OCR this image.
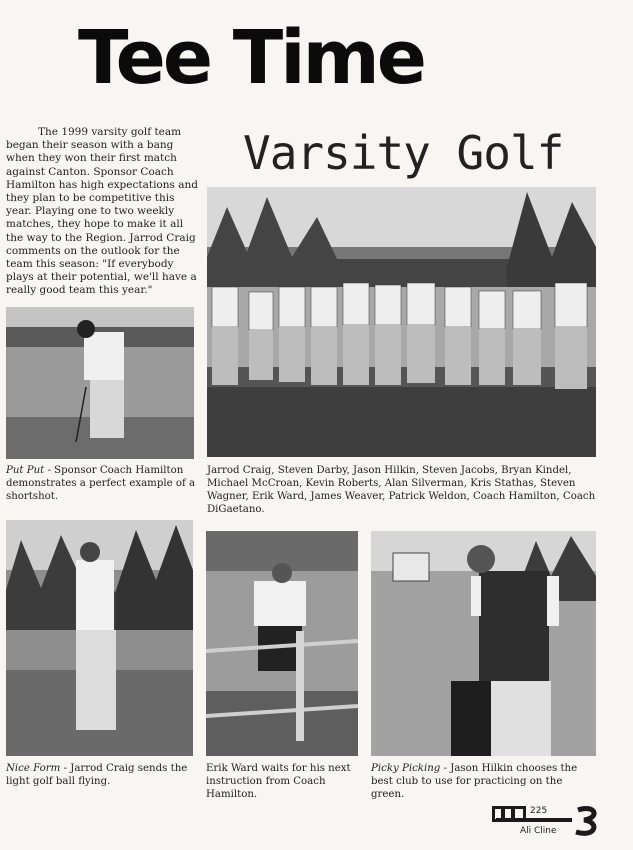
Tee Time
Varsity Golf

The 1999 varsity golf team began their season with a bang when they won their first match against Canton. Sponsor Coach Hamilton has high expectations and they plan to be competitive this year. Playing one to two weekly matches, they hope to make it all the way to the Region. Jarrod Craig comments on the outlook for the team this season: "If everybody plays at their potential, we'll have a really good team this year."

Jarrod Craig, Steven Darby, Jason Hilkin, Steven Jacobs, Bryan Kindel, Michael McCroan, Kevin Roberts, Alan Silverman, Kris Stathas, Steven Wagner, Erik Ward, James Weaver, Patrick Weldon, Coach Hamilton, Coach DiGaetano.

Put Put - Sponsor Coach Hamilton demonstrates a perfect example of a shortshot.

Nice Form - Jarrod Craig sends the light golf ball flying.

Erik Ward waits for his next instruction from Coach Hamilton.

Picky Picking - Jason Hilkin chooses the best club to use for practicing on the green.

225
Ali Cline
